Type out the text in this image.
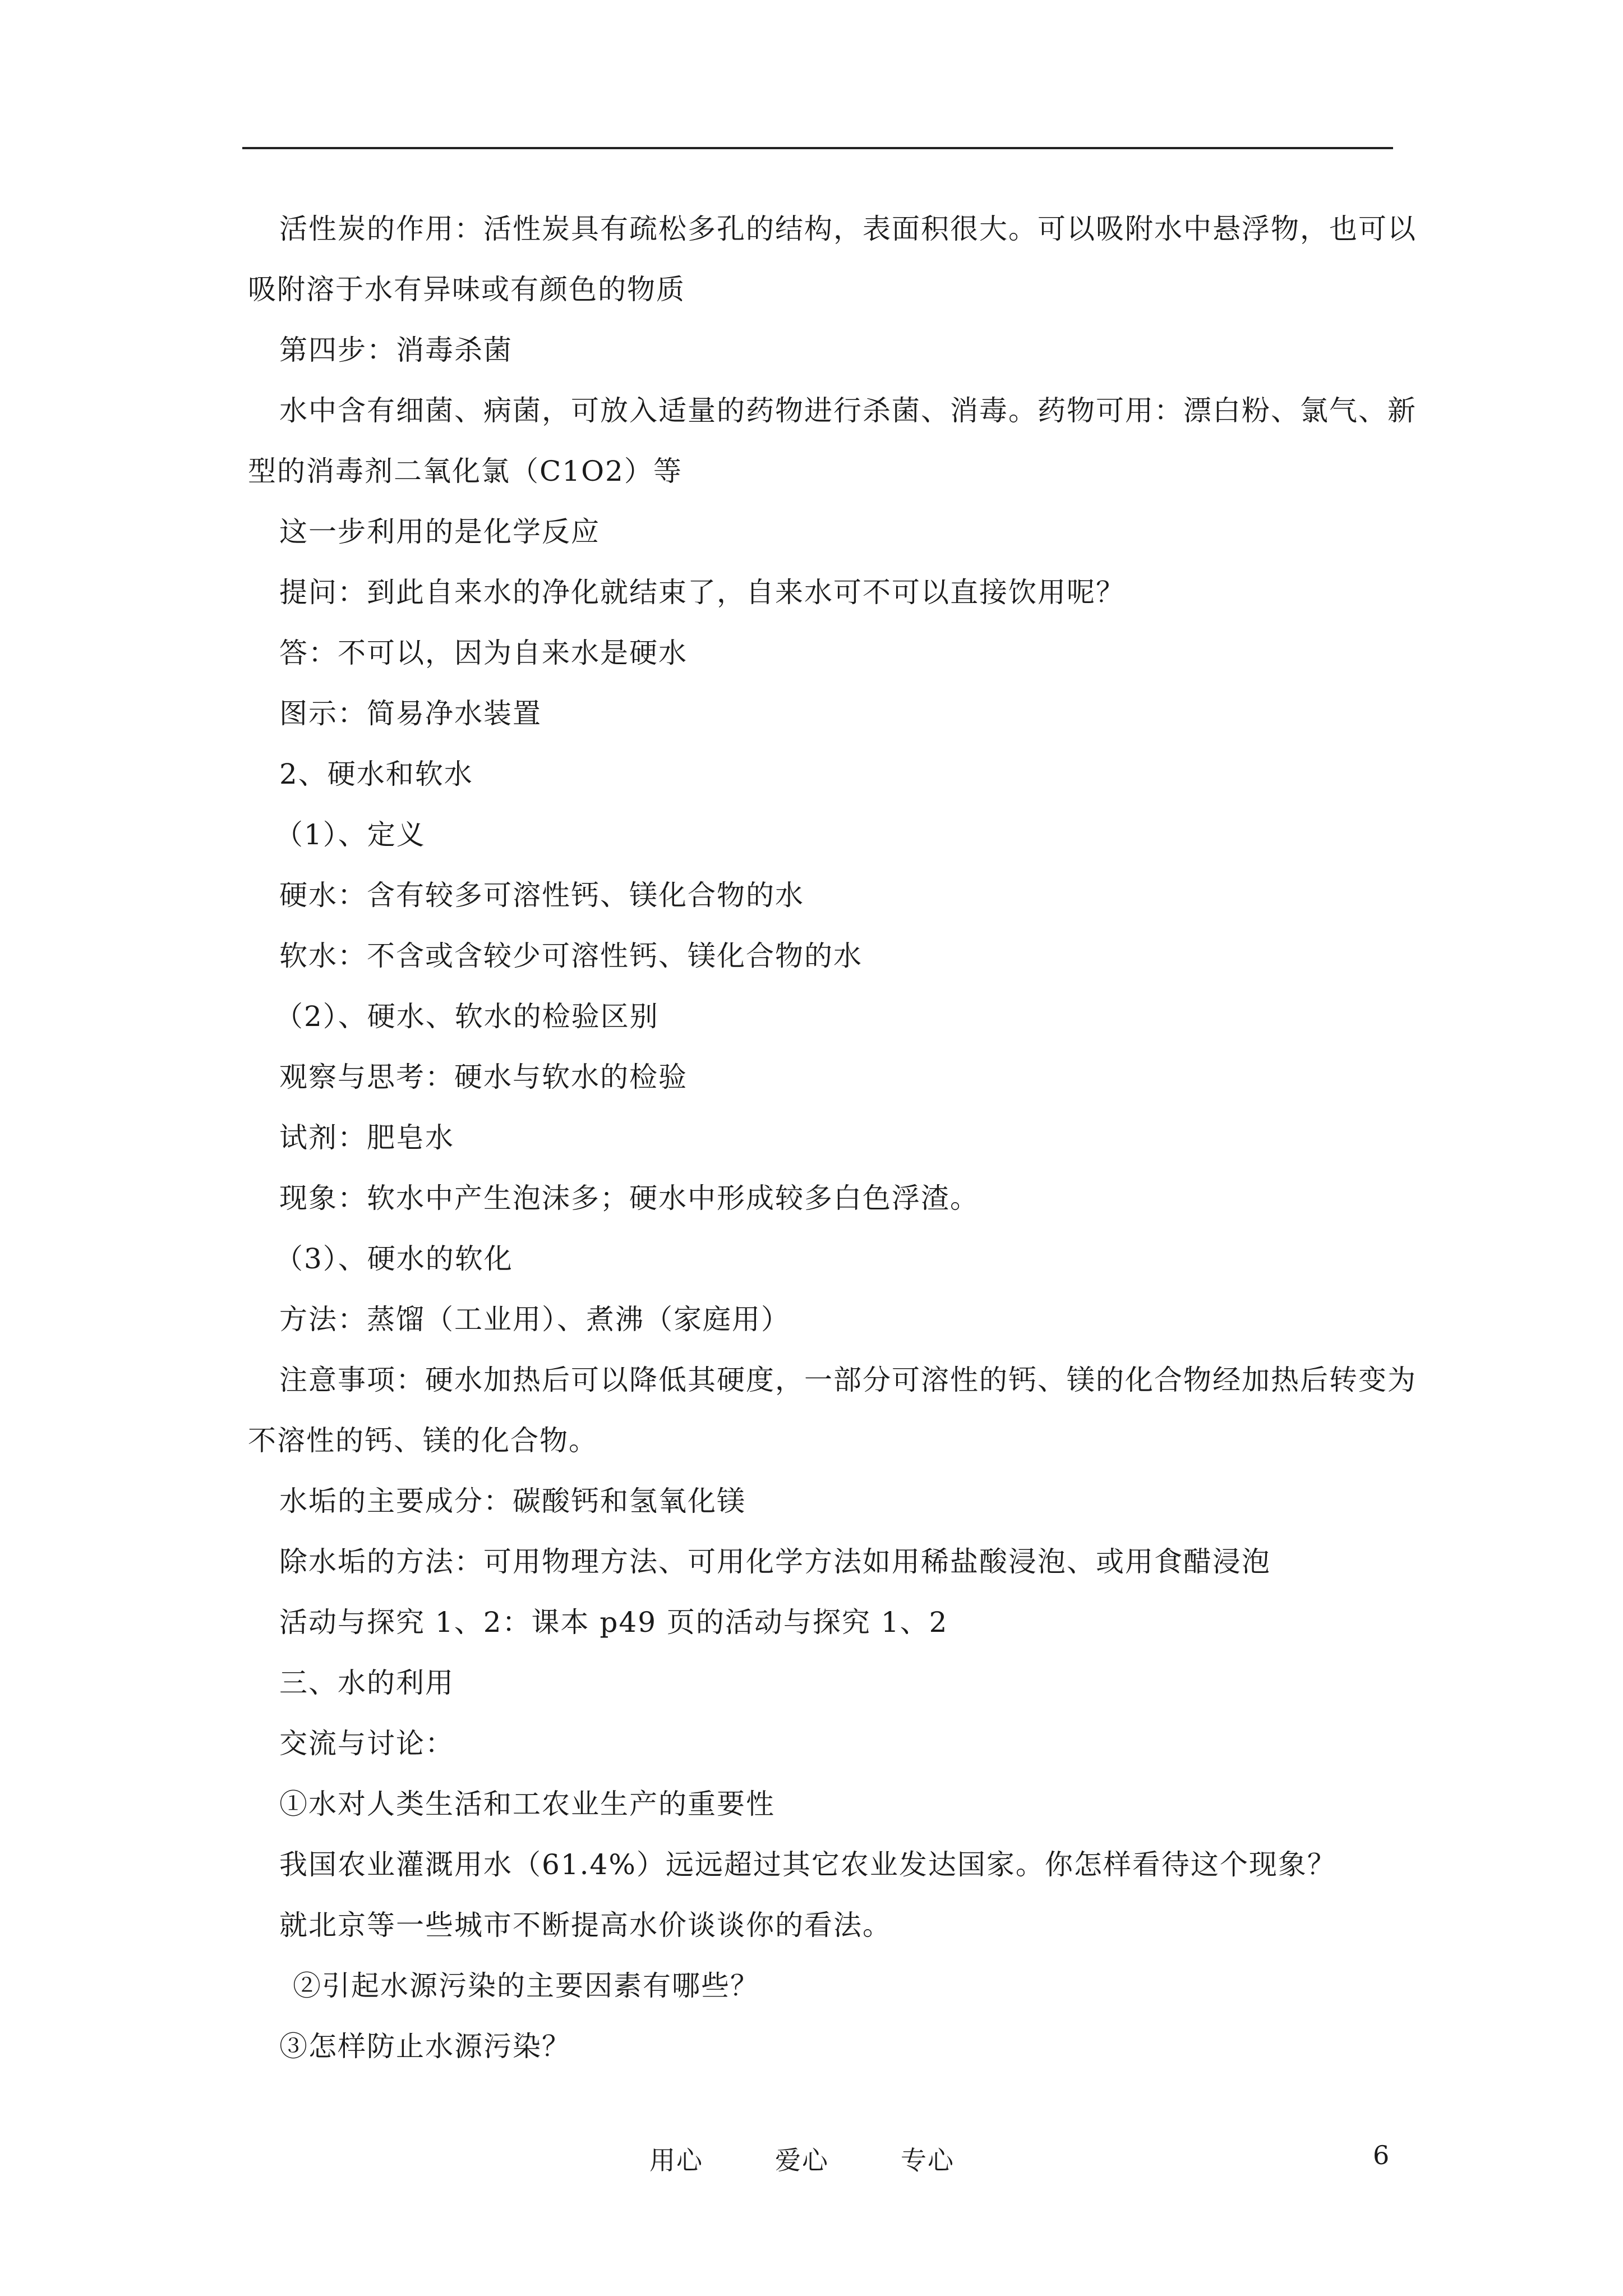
活性炭的作用：活性炭具有疏松多孔的结构，表面积很大。可以吸附水中悬浮物，也可以
吸附溶于水有异味或有颜色的物质
第四步：消毒杀菌
水中含有细菌、病菌，可放入适量的药物进行杀菌、消毒。药物可用：漂白粉、氯气、新
型的消毒剂二氧化氯（C1O2）等
这一步利用的是化学反应
提问：到此自来水的净化就结束了，自来水可不可以直接饮用呢？
答：不可以，因为自来水是硬水
图示：简易净水装置
2、硬水和软水
（1）、定义
硬水：含有较多可溶性钙、镁化合物的水
软水：不含或含较少可溶性钙、镁化合物的水
（2）、硬水、软水的检验区别
观察与思考：硬水与软水的检验
试剂：肥皂水
现象：软水中产生泡沫多；硬水中形成较多白色浮渣。
（3）、硬水的软化
方法：蒸馏（工业用）、煮沸（家庭用）
注意事项：硬水加热后可以降低其硬度，一部分可溶性的钙、镁的化合物经加热后转变为
不溶性的钙、镁的化合物。
水垢的主要成分：碳酸钙和氢氧化镁
除水垢的方法：可用物理方法、可用化学方法如用稀盐酸浸泡、或用食醋浸泡
活动与探究 1、2：课本 p49 页的活动与探究 1、2
三、水的利用
交流与讨论：
①水对人类生活和工农业生产的重要性
我国农业灌溉用水（61.4%）远远超过其它农业发达国家。你怎样看待这个现象？
就北京等一些城市不断提高水价谈谈你的看法。
②引起水源污染的主要因素有哪些？
③怎样防止水源污染？
用心	爱心	专心	6
